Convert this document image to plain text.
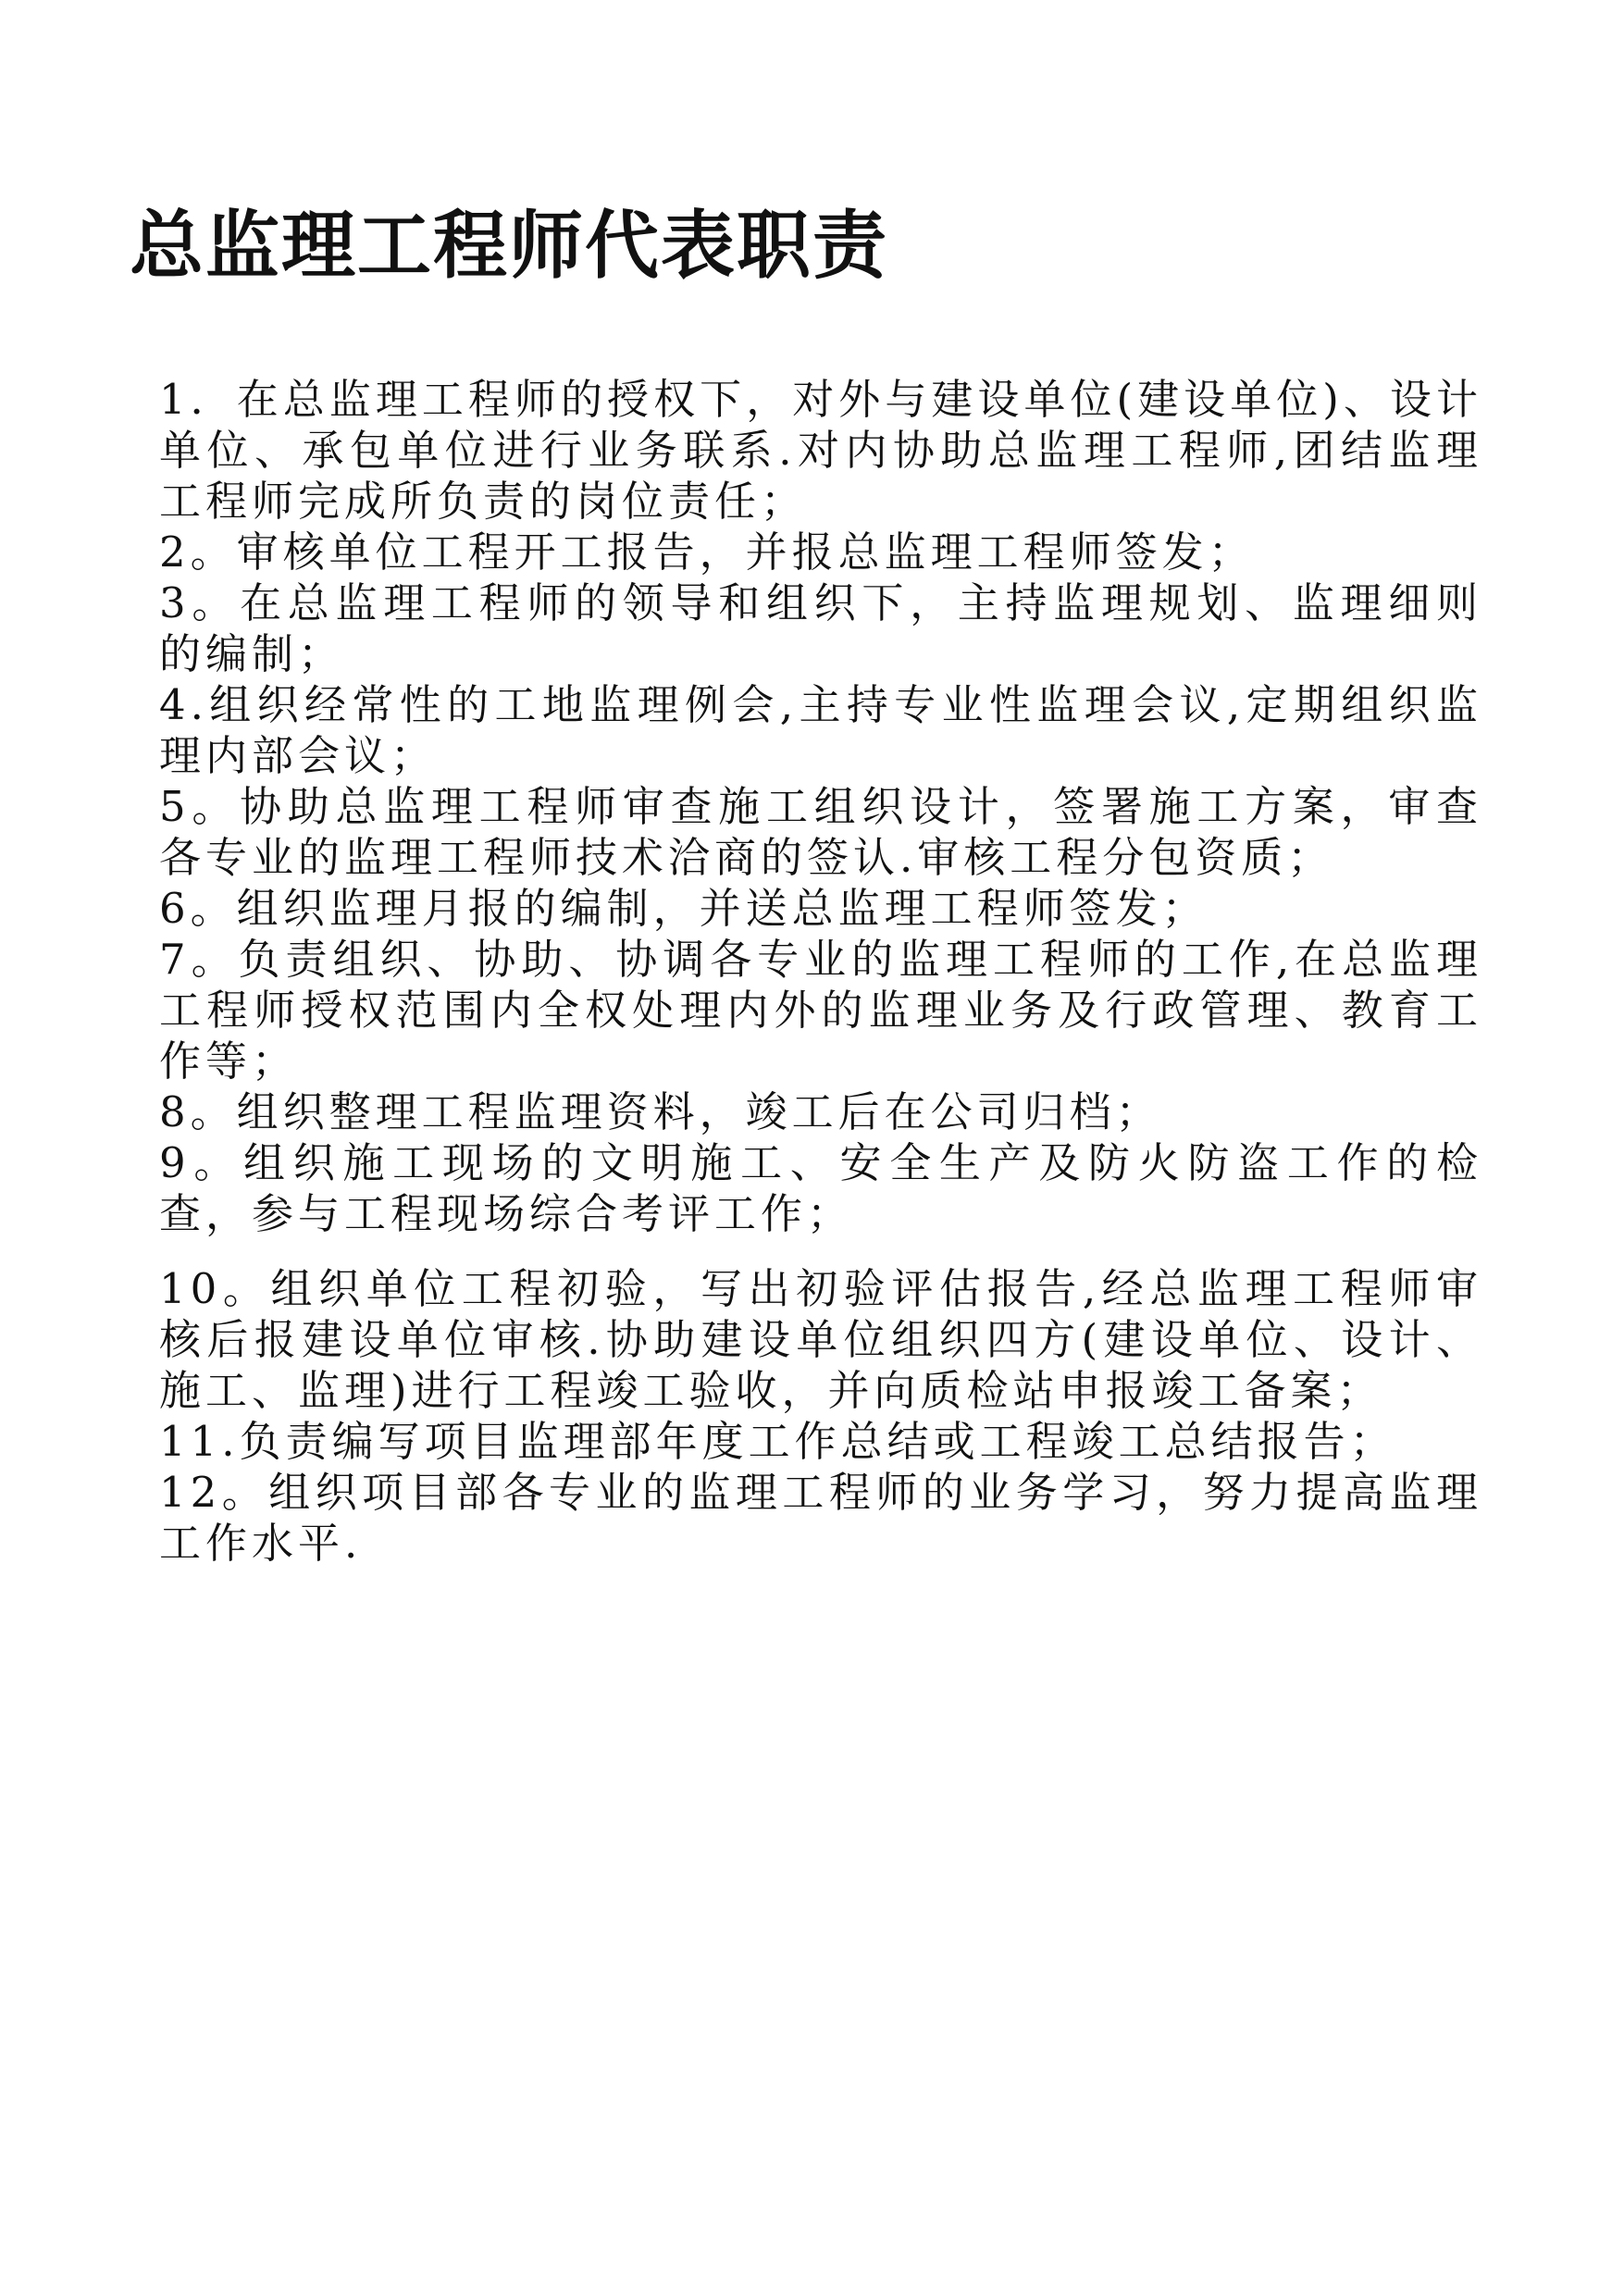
总监理工程师代表职责
1．在总监理工程师的授权下，对外与建设单位(建设单位)、设计单位、承包单位进行业务联系.对内协助总监理工程师,团结监理工程师完成所负责的岗位责任；
2。审核单位工程开工报告，并报总监理工程师签发；
3。在总监理工程师的领导和组织下，主持监理规划、监理细则的编制；
4.组织经常性的工地监理例会,主持专业性监理会议,定期组织监理内部会议；
5。协助总监理工程师审查施工组织设计，签署施工方案，审查各专业的监理工程师技术洽商的签认.审核工程分包资质；
6。组织监理月报的编制，并送总监理工程师签发；
7。负责组织、协助、协调各专业的监理工程师的工作,在总监理工程师授权范围内全权处理内外的监理业务及行政管理、教育工作等；
8。组织整理工程监理资料，竣工后在公司归档；
9。组织施工现场的文明施工、安全生产及防火防盗工作的检查，参与工程现场综合考评工作；
10。组织单位工程初验，写出初验评估报告,经总监理工程师审核后报建设单位审核.协助建设单位组织四方(建设单位、设计、施工、监理)进行工程竣工验收，并向质检站申报竣工备案；
11.负责编写项目监理部年度工作总结或工程竣工总结报告；
12。组织项目部各专业的监理工程师的业务学习，努力提高监理工作水平.
